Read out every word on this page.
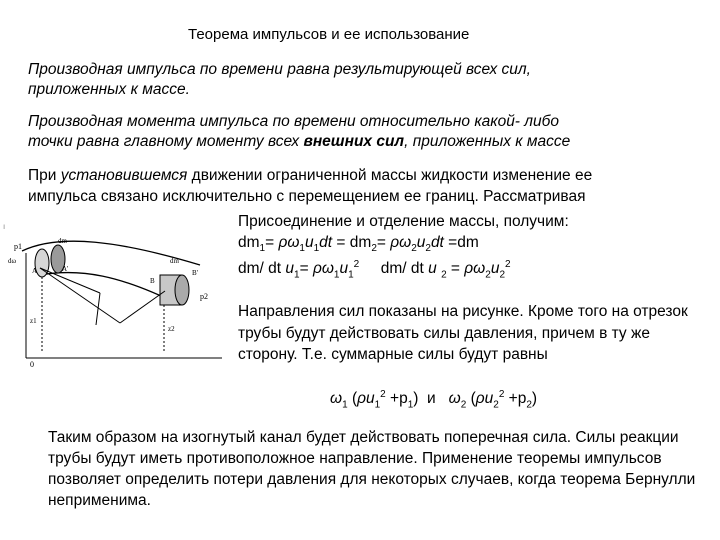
Теорема импульсов и ее использование
Производная импульса по времени равна результирующей всех сил,
приложенных к массе.
Производная момента импульса по времени относительно какой- либо
точки равна главному моменту всех внешних сил, приложенных к массе
При установившемся движении ограниченной массы жидкости изменение ее
импульса связано исключительно с перемещением ее границ. Рассматривая
ı
p1
dω
dm
A	A'
B
B'
z1
z2
0
p2
dm
Присоединение и отделение массы, получим:
$dm_1= \rho\omega_1u_1dt = dm_2= \rho\omega_2u_2dt =dm$
dm/ dt $u_1= \rho\omega_1u_1^2$     dm/ dt u $_2 = \rho\omega_2u_2^2$
Направления сил показаны на рисунке. Кроме того на отрезок трубы будут действовать силы давления, причем в ту же сторону. Т.е. суммарные силы будут равны
$\omega_1$ $(\rho u_1^2 +p_1)$  и   $\omega_2$ $(\rho u_2^2 +p_2)$
Таким образом на изогнутый канал будет действовать поперечная сила. Силы реакции трубы будут иметь противоположное направление. Применение теоремы импульсов позволяет определить потери давления для некоторых случаев, когда теорема Бернулли неприменима.
